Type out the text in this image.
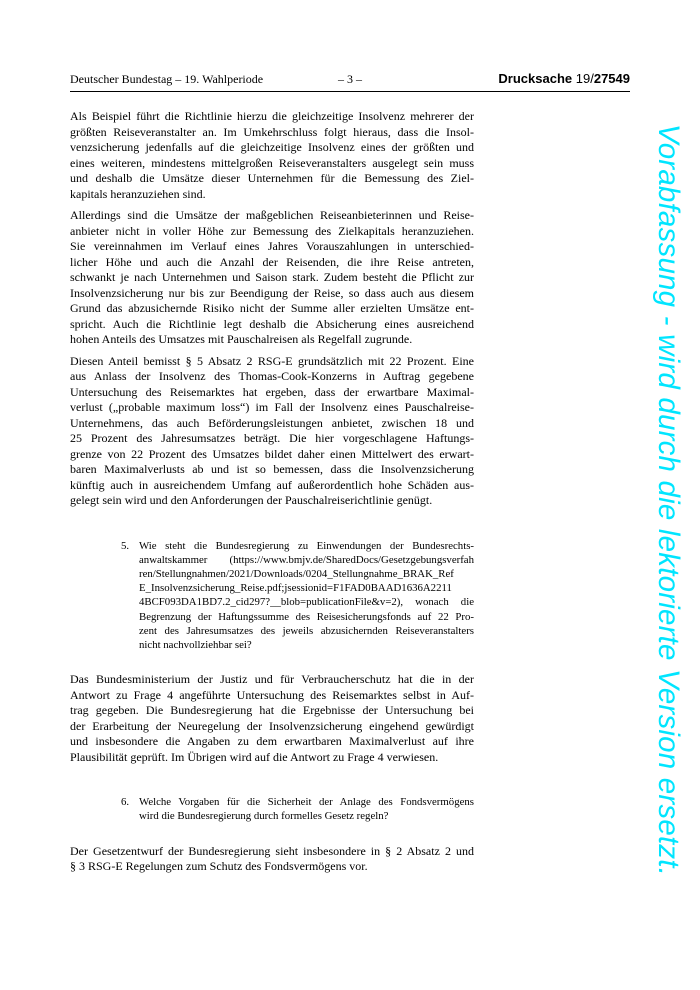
Deutscher Bundestag – 19. Wahlperiode	– 3 –	Drucksache 19/27549
Als Beispiel führt die Richtlinie hierzu die gleichzeitige Insolvenz mehrerer der
größten Reiseveranstalter an. Im Umkehrschluss folgt hieraus, dass die Insol-
venzsicherung jedenfalls auf die gleichzeitige Insolvenz eines der größten und
eines weiteren, mindestens mittelgroßen Reiseveranstalters ausgelegt sein muss
und deshalb die Umsätze dieser Unternehmen für die Bemessung des Ziel-
kapitals heranzuziehen sind.
Allerdings sind die Umsätze der maßgeblichen Reiseanbieterinnen und Reise-
anbieter nicht in voller Höhe zur Bemessung des Zielkapitals heranzuziehen.
Sie vereinnahmen im Verlauf eines Jahres Vorauszahlungen in unterschied-
licher Höhe und auch die Anzahl der Reisenden, die ihre Reise antreten,
schwankt je nach Unternehmen und Saison stark. Zudem besteht die Pflicht zur
Insolvenzsicherung nur bis zur Beendigung der Reise, so dass auch aus diesem
Grund das abzusichernde Risiko nicht der Summe aller erzielten Umsätze ent-
spricht. Auch die Richtlinie legt deshalb die Absicherung eines ausreichend
hohen Anteils des Umsatzes mit Pauschalreisen als Regelfall zugrunde.
Diesen Anteil bemisst § 5 Absatz 2 RSG-E grundsätzlich mit 22 Prozent. Eine
aus Anlass der Insolvenz des Thomas-Cook-Konzerns in Auftrag gegebene
Untersuchung des Reisemarktes hat ergeben, dass der erwartbare Maximal-
verlust („probable maximum loss“) im Fall der Insolvenz eines Pauschalreise-
Unternehmens, das auch Beförderungsleistungen anbietet, zwischen 18 und
25 Prozent des Jahresumsatzes beträgt. Die hier vorgeschlagene Haftungs-
grenze von 22 Prozent des Umsatzes bildet daher einen Mittelwert des erwart-
baren Maximalverlusts ab und ist so bemessen, dass die Insolvenzsicherung
künftig auch in ausreichendem Umfang auf außerordentlich hohe Schäden aus-
gelegt sein wird und den Anforderungen der Pauschalreiserichtlinie genügt.
5. Wie steht die Bundesregierung zu Einwendungen der Bundesrechts-
anwaltskammer (https://www.bmjv.de/SharedDocs/Gesetzgebungsverfah
ren/Stellungnahmen/2021/Downloads/0204_Stellungnahme_BRAK_Ref
E_Insolvenzsicherung_Reise.pdf;jsessionid=F1FAD0BAAD1636A2211
4BCF093DA1BD7.2_cid297?__blob=publicationFile&v=2), wonach die
Begrenzung der Haftungssumme des Reisesicherungsfonds auf 22 Pro-
zent des Jahresumsatzes des jeweils abzusichernden Reiseveranstalters
nicht nachvollziehbar sei?
Das Bundesministerium der Justiz und für Verbraucherschutz hat die in der
Antwort zu Frage 4 angeführte Untersuchung des Reisemarktes selbst in Auf-
trag gegeben. Die Bundesregierung hat die Ergebnisse der Untersuchung bei
der Erarbeitung der Neuregelung der Insolvenzsicherung eingehend gewürdigt
und insbesondere die Angaben zu dem erwartbaren Maximalverlust auf ihre
Plausibilität geprüft. Im Übrigen wird auf die Antwort zu Frage 4 verwiesen.
6. Welche Vorgaben für die Sicherheit der Anlage des Fondsvermögens
wird die Bundesregierung durch formelles Gesetz regeln?
Der Gesetzentwurf der Bundesregierung sieht insbesondere in § 2 Absatz 2 und
§ 3 RSG-E Regelungen zum Schutz des Fondsvermögens vor.	Vorabfassung - wird durch die lektorierte Version ersetzt.
